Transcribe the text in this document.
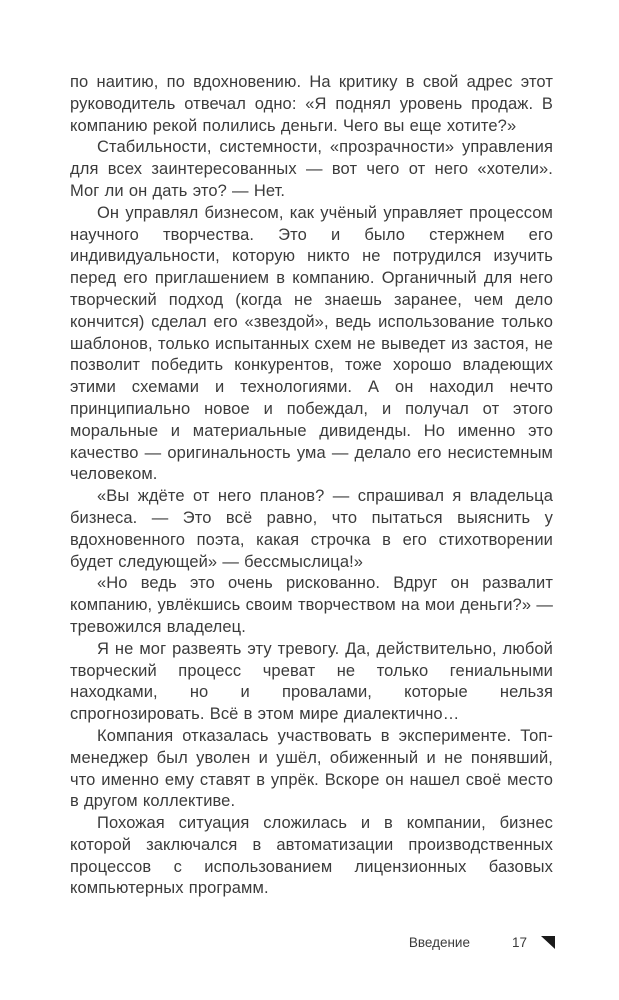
по наитию, по вдохновению. На критику в свой адрес этот руководитель отвечал одно: «Я поднял уровень продаж. В компанию рекой полились деньги. Чего вы еще хотите?»

Стабильности, системности, «прозрачности» управления для всех заинтересованных — вот чего от него «хотели». Мог ли он дать это? — Нет.

Он управлял бизнесом, как учёный управляет процессом научного творчества. Это и было стержнем его индивидуальности, которую никто не потрудился изучить перед его приглашением в компанию. Органичный для него творческий подход (когда не знаешь заранее, чем дело кончится) сделал его «звездой», ведь использование только шаблонов, только испытанных схем не выведет из застоя, не позволит победить конкурентов, тоже хорошо владеющих этими схемами и технологиями. А он находил нечто принципиально новое и побеждал, и получал от этого моральные и материальные дивиденды. Но именно это качество — оригинальность ума — делало его несистемным человеком.

«Вы ждёте от него планов? — спрашивал я владельца бизнеса. — Это всё равно, что пытаться выяснить у вдохновенного поэта, какая строчка в его стихотворении будет следующей» — бессмыслица!»

«Но ведь это очень рискованно. Вдруг он развалит компанию, увлёкшись своим творчеством на мои деньги?» — тревожился владелец.

Я не мог развеять эту тревогу. Да, действительно, любой творческий процесс чреват не только гениальными находками, но и провалами, которые нельзя спрогнозировать. Всё в этом мире диалектично…

Компания отказалась участвовать в эксперименте. Топ-менеджер был уволен и ушёл, обиженный и не понявший, что именно ему ставят в упрёк. Вскоре он нашел своё место в другом коллективе.

Похожая ситуация сложилась и в компании, бизнес которой заключался в автоматизации производственных процессов с использованием лицензионных базовых компьютерных программ.

Введение	17
